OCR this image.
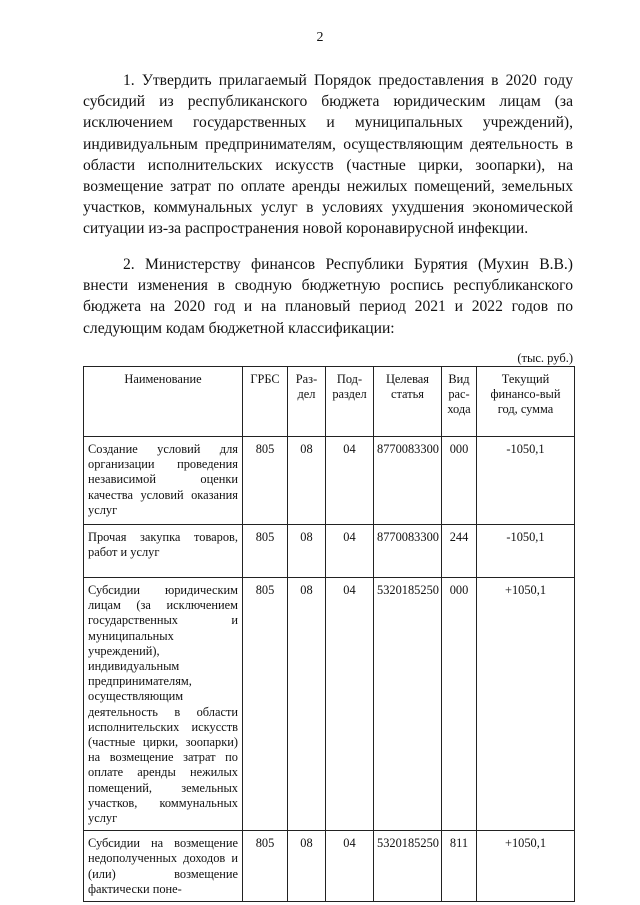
2

1. Утвердить прилагаемый Порядок предоставления в 2020 году субсидий из республиканского бюджета юридическим лицам (за исключением государственных и муниципальных учреждений), индивидуальным предпринимателям, осуществляющим деятельность в области исполнительских искусств (частные цирки, зоопарки), на возмещение затрат по оплате аренды нежилых помещений, земельных участков, коммунальных услуг в условиях ухудшения экономической ситуации из-за распространения новой коронавирусной инфекции.

2. Министерству финансов Республики Бурятия (Мухин В.В.) внести изменения в сводную бюджетную роспись республиканского бюджета на 2020 год и на плановый период 2021 и 2022 годов по следующим кодам бюджетной классификации:

(тыс. руб.)
Наименование	ГРБС	Раз-дел	Под-раздел	Целевая статья	Вид рас-хода	Текущий финансо-вый год, сумма
Создание условий для организации проведения независимой оценки качества условий оказания услуг	805	08	04	8770083300	000	-1050,1
Прочая закупка товаров, работ и услуг	805	08	04	8770083300	244	-1050,1
Субсидии юридическим лицам (за исключением государственных и муниципальных учреждений), индивидуальным предпринимателям, осуществляющим деятельность в области исполнительских искусств (частные цирки, зоопарки) на возмещение затрат по оплате аренды нежилых помещений, земельных участков, коммунальных услуг	805	08	04	5320185250	000	+1050,1
Субсидии на возмещение недополученных доходов и (или) возмещение фактически поне-	805	08	04	5320185250	811	+1050,1
